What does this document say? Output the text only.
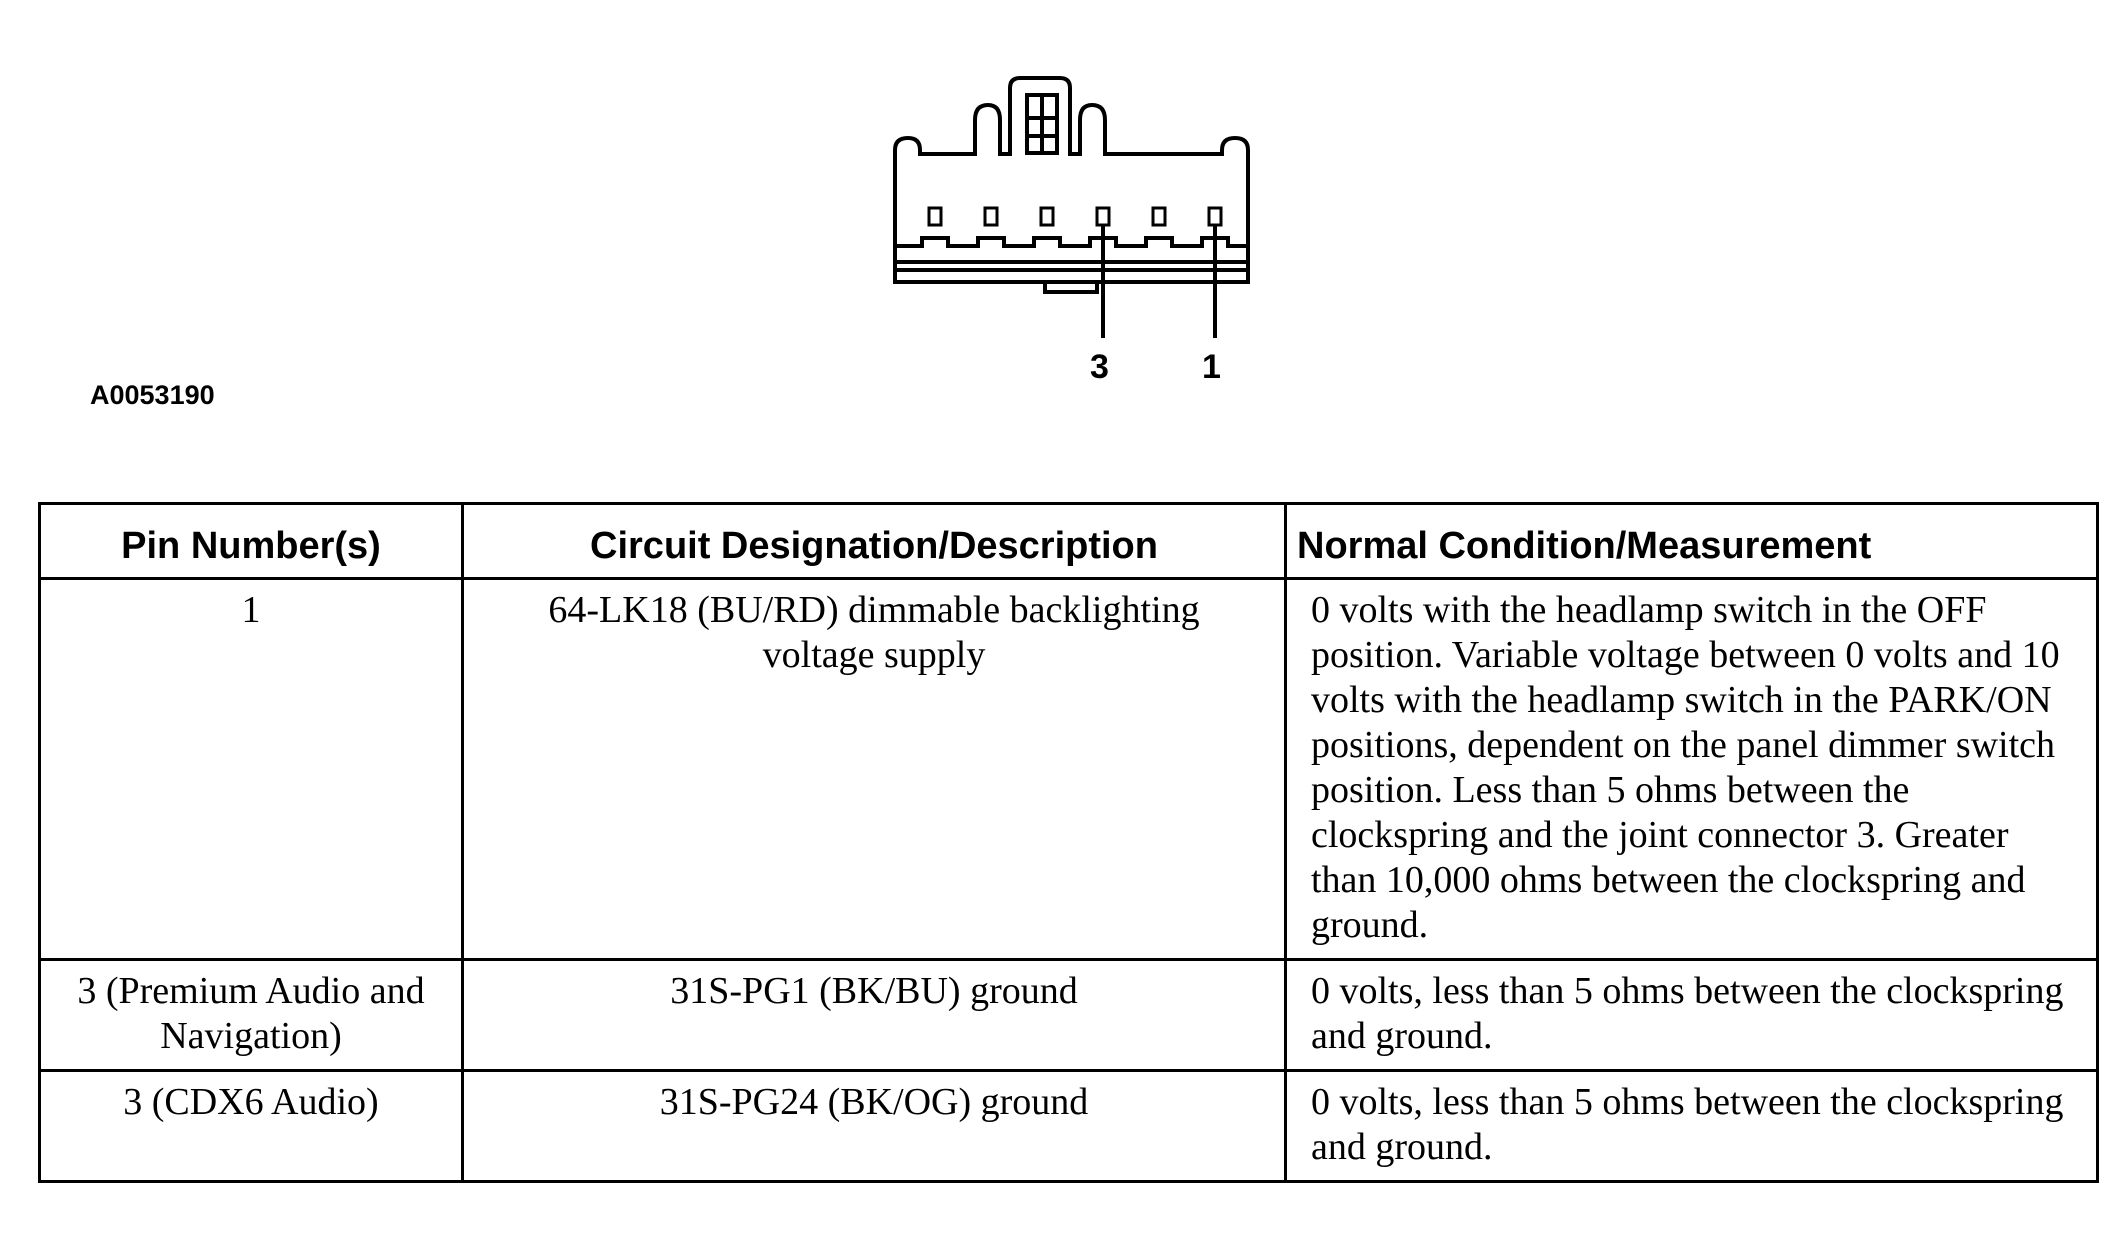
3	1
A0053190
Pin Number(s)	Circuit Designation/Description	Normal Condition/Measurement
1	64-LK18 (BU/RD) dimmable backlighting voltage supply	0 volts with the headlamp switch in the OFF position. Variable voltage between 0 volts and 10 volts with the headlamp switch in the PARK/ON positions, dependent on the panel dimmer switch position. Less than 5 ohms between the clockspring and the joint connector 3. Greater than 10,000 ohms between the clockspring and ground.
3 (Premium Audio and Navigation)	31S-PG1 (BK/BU) ground	0 volts, less than 5 ohms between the clockspring and ground.
3 (CDX6 Audio)	31S-PG24 (BK/OG) ground	0 volts, less than 5 ohms between the clockspring and ground.
